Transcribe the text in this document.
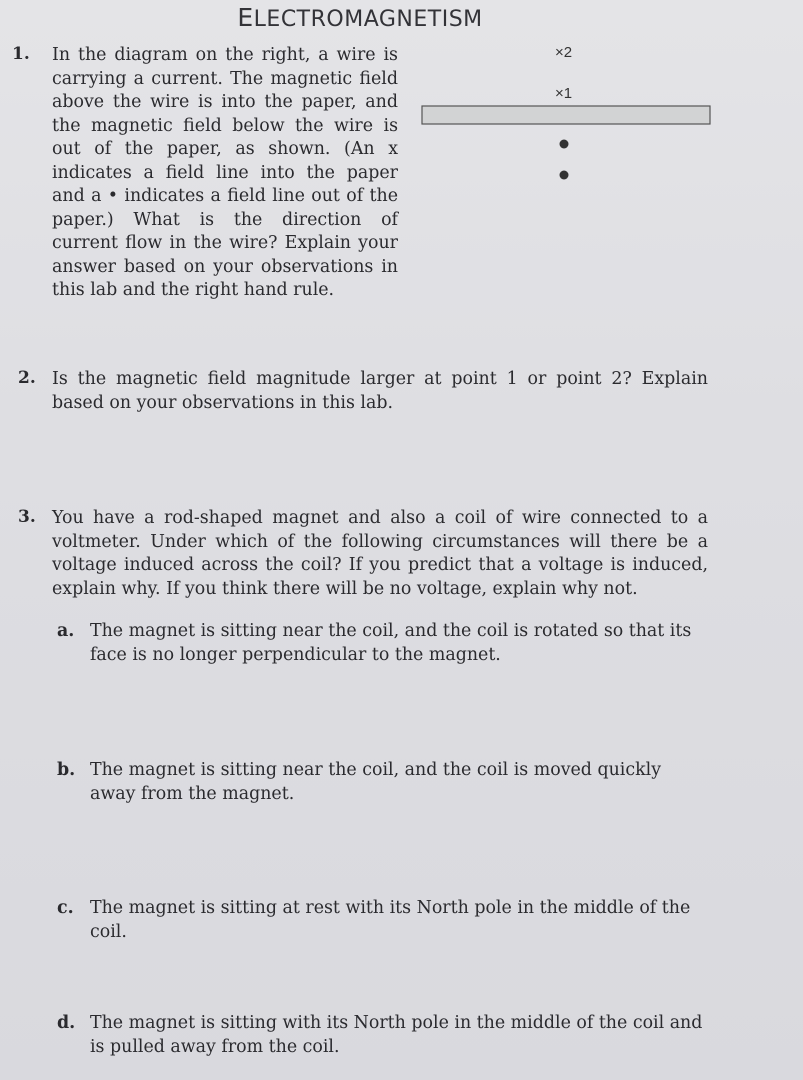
ELECTROMAGNETISM
1. In the diagram on the right, a wire is carrying a current. The magnetic field above the wire is into the paper, and the magnetic field below the wire is out of the paper, as shown. (An x indicates a field line into the paper and a • indicates a field line out of the paper.) What is the direction of current flow in the wire? Explain your answer based on your observations in this lab and the right hand rule.
×2
×1
2. Is the magnetic field magnitude larger at point 1 or point 2? Explain based on your observations in this lab.
3. You have a rod-shaped magnet and also a coil of wire connected to a voltmeter. Under which of the following circumstances will there be a voltage induced across the coil? If you predict that a voltage is induced, explain why. If you think there will be no voltage, explain why not.
a. The magnet is sitting near the coil, and the coil is rotated so that its face is no longer perpendicular to the magnet.
b. The magnet is sitting near the coil, and the coil is moved quickly away from the magnet.
c. The magnet is sitting at rest with its North pole in the middle of the coil.
d. The magnet is sitting with its North pole in the middle of the coil and is pulled away from the coil.
